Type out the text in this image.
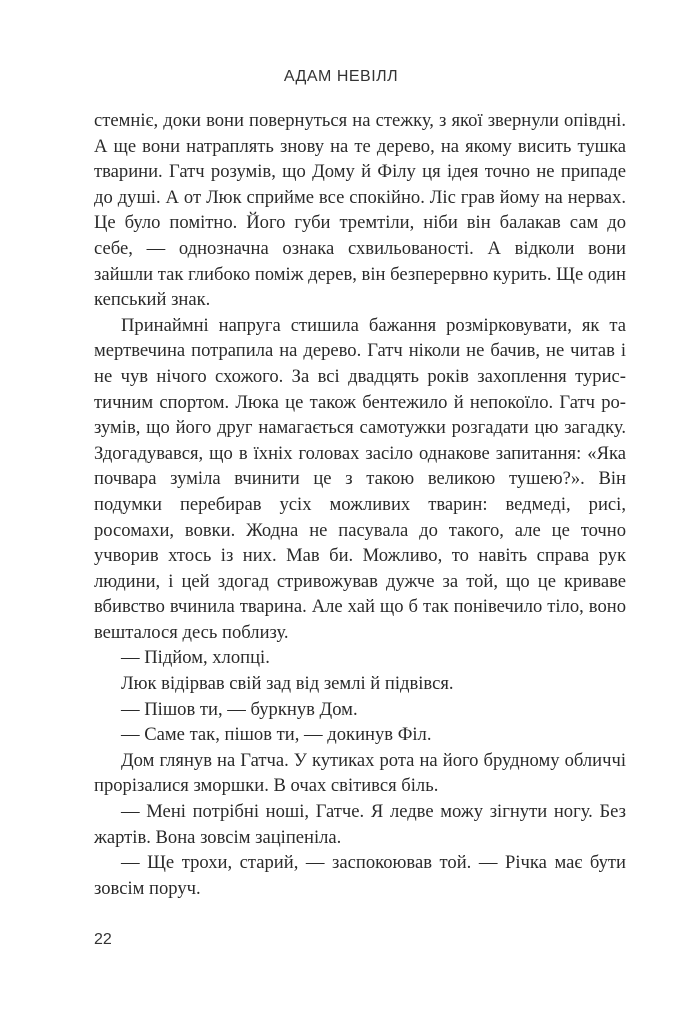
АДАМ НЕВІЛЛ

стемніє, доки вони повернуться на стежку, з якої звернули опівдні. А ще вони натраплять знову на те дерево, на якому висить тушка тварини. Гатч розумів, що Дому й Філу ця ідея точно не припаде до душі. А от Люк сприйме все спокійно. Ліс грав йому на нервах. Це було помітно. Його губи тремтіли, ніби він балакав сам до себе, — однозначна ознака схвильованості. А відколи вони зайшли так глибоко поміж дерев, він безперервно курить. Ще один кепський знак.

Принаймні напруга стишила бажання розмірковувати, як та мертвечина потрапила на дерево. Гатч ніколи не бачив, не читав і не чув нічого схожого. За всі двадцять років захоплення туристичним спортом. Люка це також бентежило й непокоїло. Гатч розумів, що його друг намагається самотужки розгадати цю загадку. Здогадувався, що в їхніх головах засіло однакове запитання: «Яка почвара зуміла вчинити це з такою великою тушею?». Він подумки перебирав усіх можливих тварин: ведмеді, рисі, росомахи, вовки. Жодна не пасувала до такого, але це точно учворив хтось із них. Мав би. Можливо, то навіть справа рук людини, і цей здогад стривожував дужче за той, що це криваве вбивство вчинила тварина. Але хай що б так понівечило тіло, воно вешталося десь поблизу.

— Підйом, хлопці.

Люк відірвав свій зад від землі й підвівся.

— Пішов ти, — буркнув Дом.

— Саме так, пішов ти, — докинув Філ.

Дом глянув на Гатча. У кутиках рота на його брудному обличчі прорізалися зморшки. В очах світився біль.

— Мені потрібні ноші, Гатче. Я ледве можу зігнути ногу. Без жартів. Вона зовсім заціпеніла.

— Ще трохи, старий, — заспокоював той. — Річка має бути зовсім поруч.

22
